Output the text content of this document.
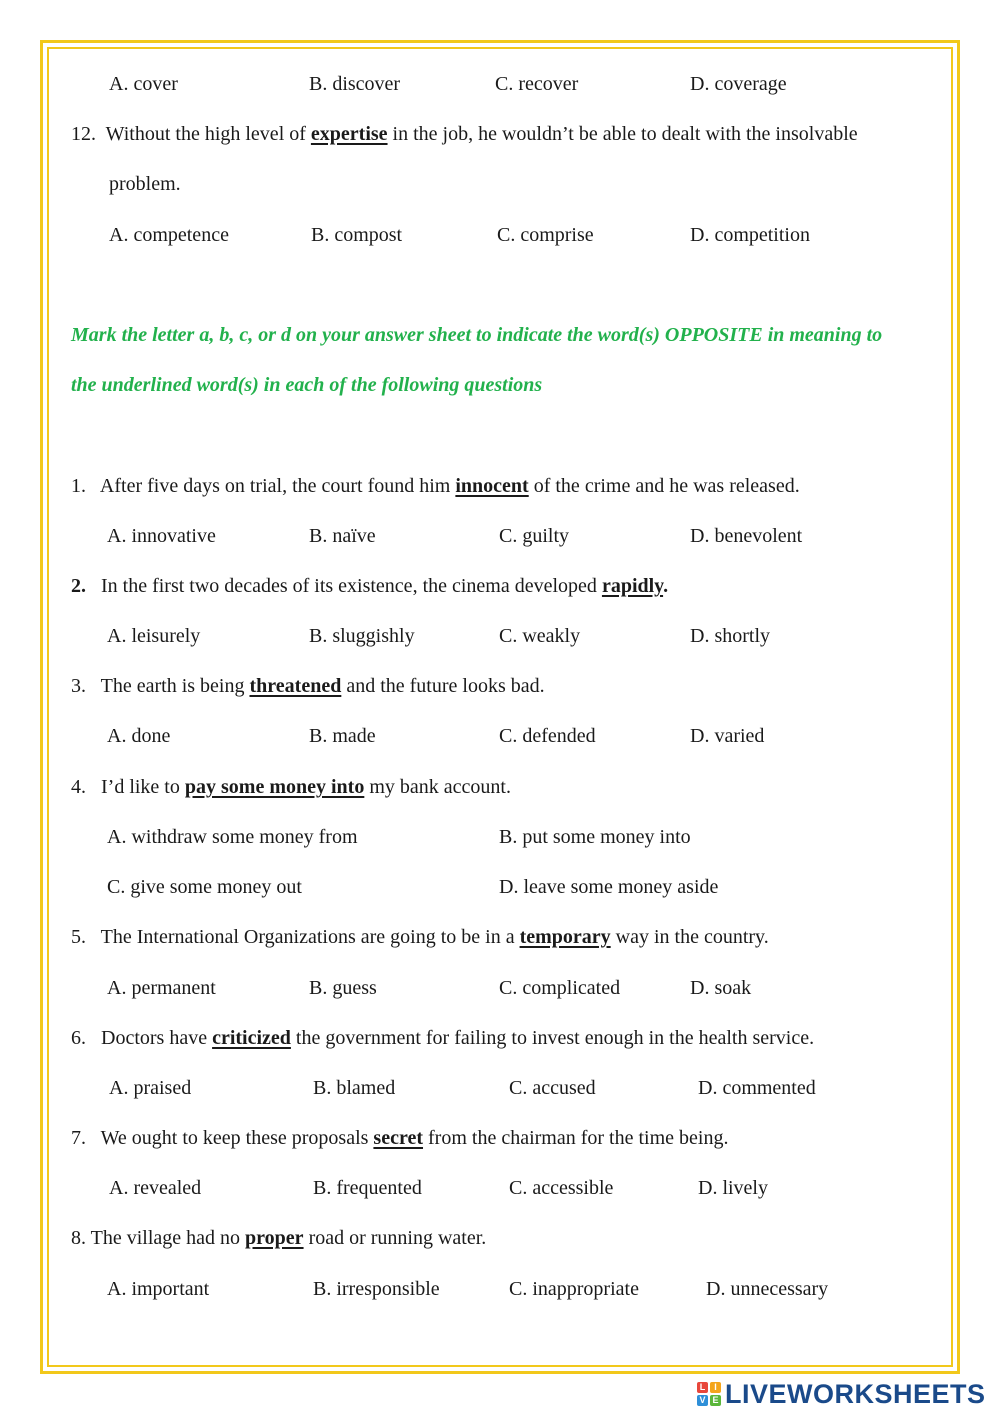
A. cover	B. discover	C. recover	D. coverage
12. Without the high level of expertise in the job, he wouldn’t be able to dealt with the insolvable
problem.
A. competence	B. compost	C. comprise	D. competition
Mark the letter a, b, c, or d on your answer sheet to indicate the word(s) OPPOSITE in meaning to
the underlined word(s) in each of the following questions
1. After five days on trial, the court found him innocent of the crime and he was released.
A. innovative	B. naïve	C. guilty	D. benevolent
2. In the first two decades of its existence, the cinema developed rapidly.
A. leisurely	B. sluggishly	C. weakly	D. shortly
3. The earth is being threatened and the future looks bad.
A. done	B. made	C. defended	D. varied
4. I’d like to pay some money into my bank account.
A. withdraw some money from	B. put some money into
C. give some money out	D. leave some money aside
5. The International Organizations are going to be in a temporary way in the country.
A. permanent	B. guess	C. complicated	D. soak
6. Doctors have criticized the government for failing to invest enough in the health service.
A. praised	B. blamed	C. accused	D. commented
7. We ought to keep these proposals secret from the chairman for the time being.
A. revealed	B. frequented	C. accessible	D. lively
8. The village had no proper road or running water.
A. important	B. irresponsible	C. inappropriate	D. unnecessary
L I
V E LIVEWORKSHEETS
